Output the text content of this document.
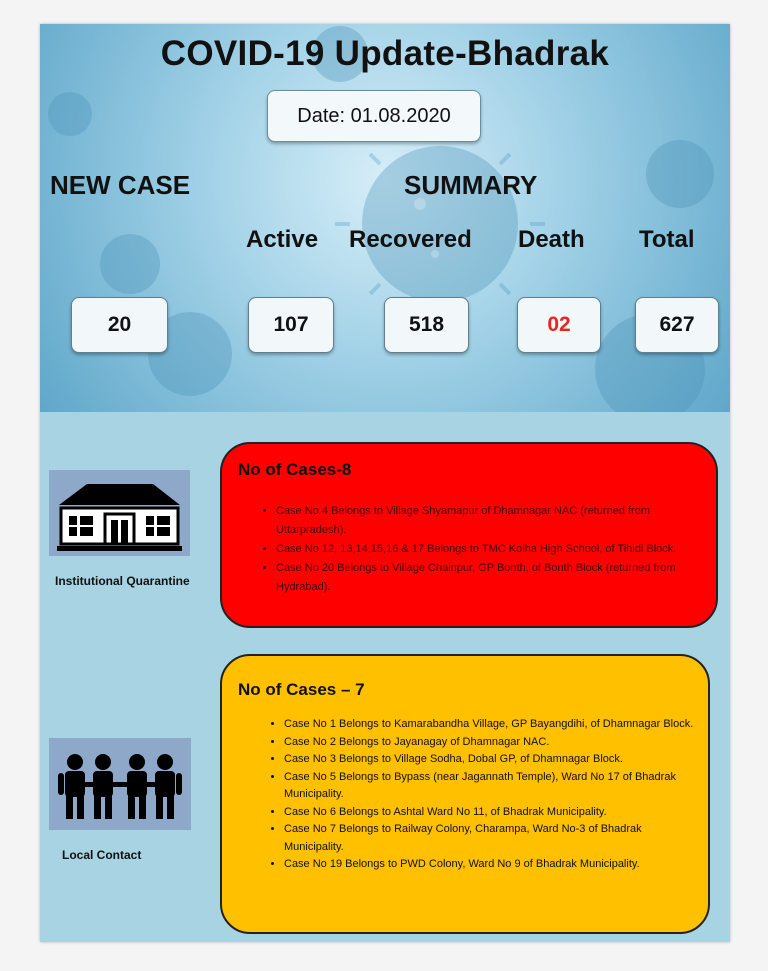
COVID-19 Update-Bhadrak
Date: 01.08.2020
NEW CASE	SUMMARY
Active Recovered Death Total
20	107	518	02	627
Institutional Quarantine
No of Cases-8
• Case No 4 Belongs to Village Shyamapur of Dhamnagar NAC (returned from Uttarpradesh).
• Case No 12, 13,14,15,16 & 17 Belongs to TMC Kolha High School, of Tihidi Block.
• Case No 20 Belongs to Village Chainpur, GP Bonth, of Bonth Block (returned from Hydrabad).
Local Contact
No of Cases – 7
• Case No 1 Belongs to Kamarabandha Village, GP Bayangdihi, of Dhamnagar Block.
• Case No 2 Belongs to Jayanagay of Dhamnagar NAC.
• Case No 3 Belongs to Village Sodha, Dobal GP, of Dhamnagar Block.
• Case No 5 Belongs to Bypass (near Jagannath Temple), Ward No 17 of Bhadrak Municipality.
• Case No 6 Belongs to Ashtal Ward No 11, of Bhadrak Municipality.
• Case No 7 Belongs to Railway Colony, Charampa, Ward No-3 of Bhadrak Municipality.
• Case No 19 Belongs to PWD Colony, Ward No 9 of Bhadrak Municipality.
